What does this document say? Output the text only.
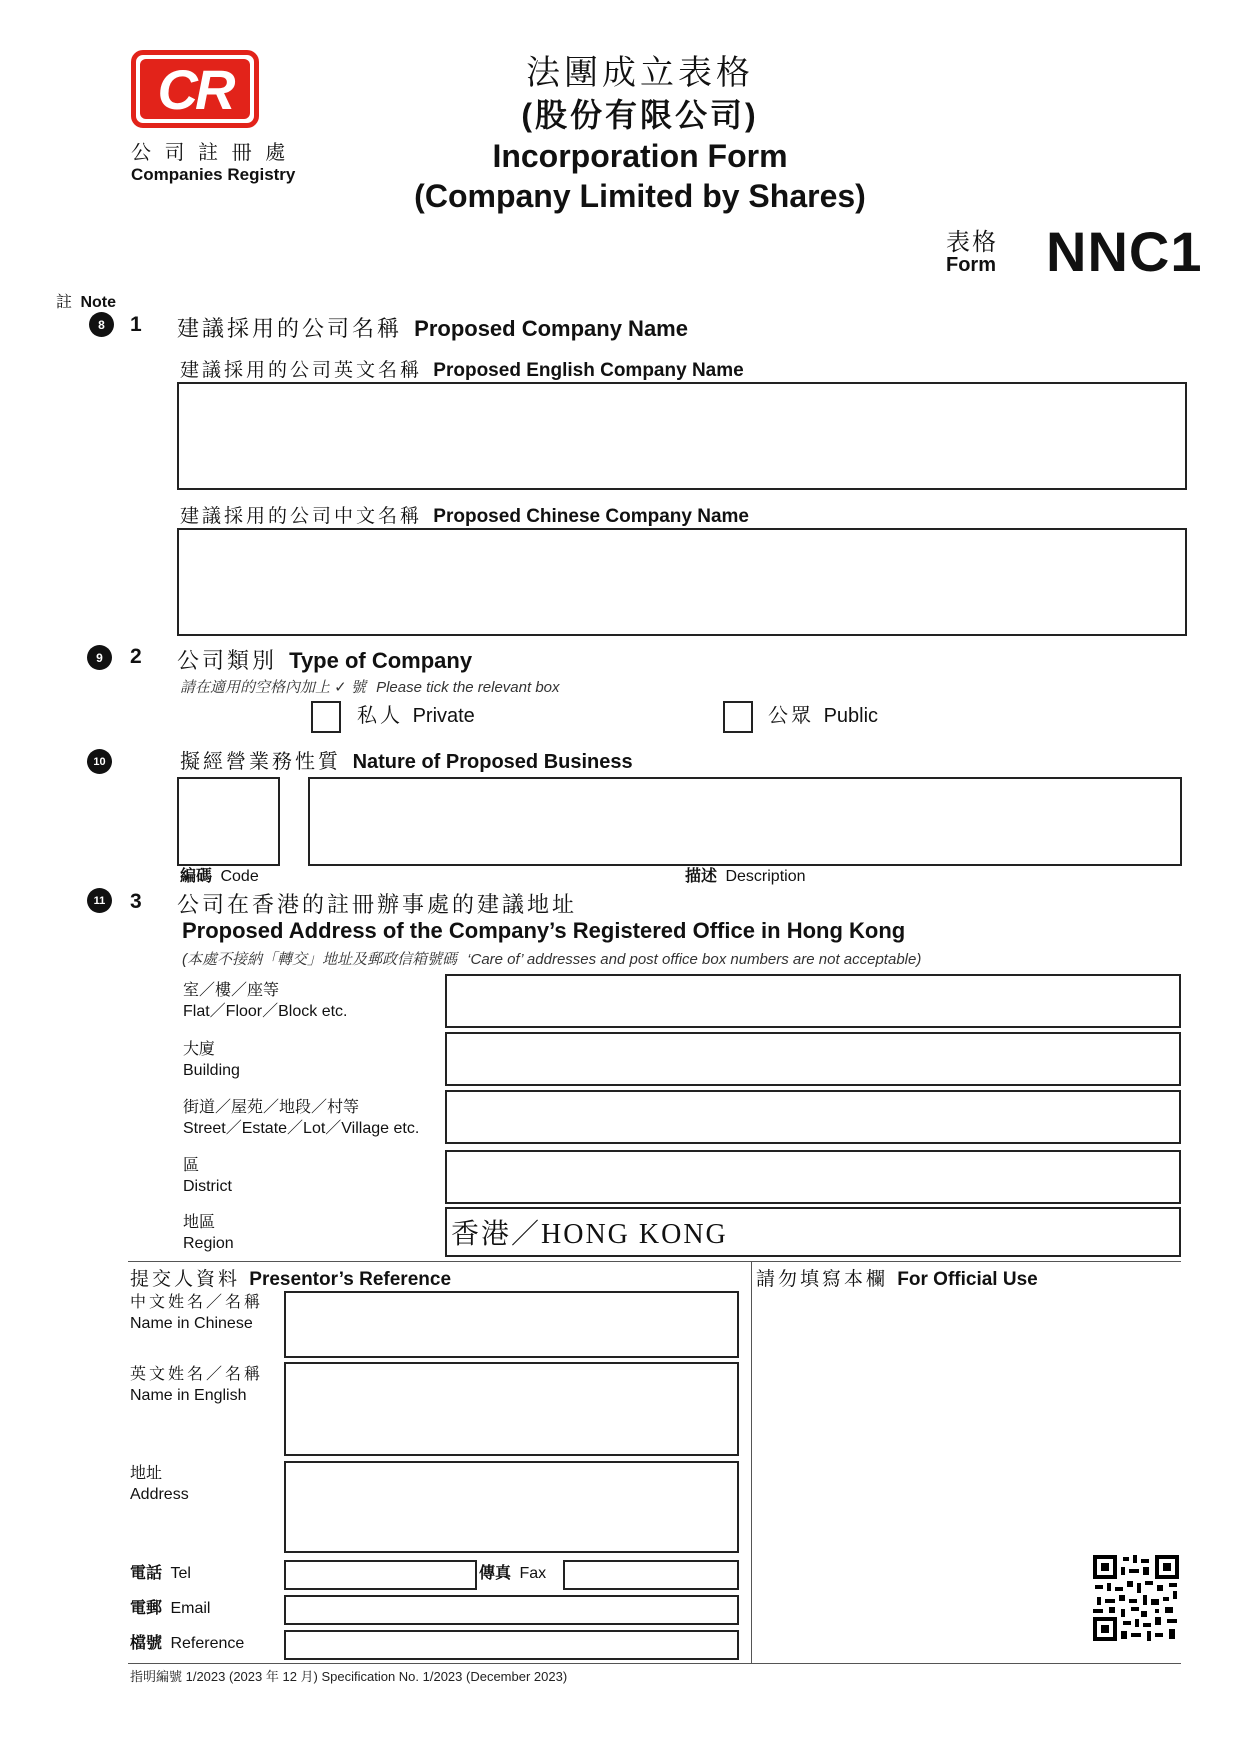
CR
公 司 註 冊 處
Companies Registry
法團成立表格
(股份有限公司)
Incorporation Form
(Company Limited by Shares)
表格
Form NNC1
註 Note
8	1 建議採用的公司名稱 Proposed Company Name
建議採用的公司英文名稱 Proposed English Company Name
建議採用的公司中文名稱 Proposed Chinese Company Name
9	2 公司類別 Type of Company
請在適用的空格內加上 ✓ 號 Please tick the relevant box
私人 Private	公眾 Public
10	擬經營業務性質 Nature of Proposed Business
編碼 Code	描述 Description
11	3 公司在香港的註冊辦事處的建議地址
Proposed Address of the Company’s Registered Office in Hong Kong
(本處不接納「轉交」地址及郵政信箱號碼 ‘Care of’ addresses and post office box numbers are not acceptable)
室／樓／座等
Flat／Floor／Block etc.
大廈
Building
街道／屋苑／地段／村等
Street／Estate／Lot／Village etc.
區
District
地區
Region	香港／HONG KONG
提交人資料 Presentor’s Reference	請勿填寫本欄 For Official Use
中文姓名／名稱
Name in Chinese
英文姓名／名稱
Name in English
地址
Address
電話 Tel	傳真 Fax
電郵 Email
檔號 Reference
指明編號 1/2023 (2023 年 12 月) Specification No. 1/2023 (December 2023)
